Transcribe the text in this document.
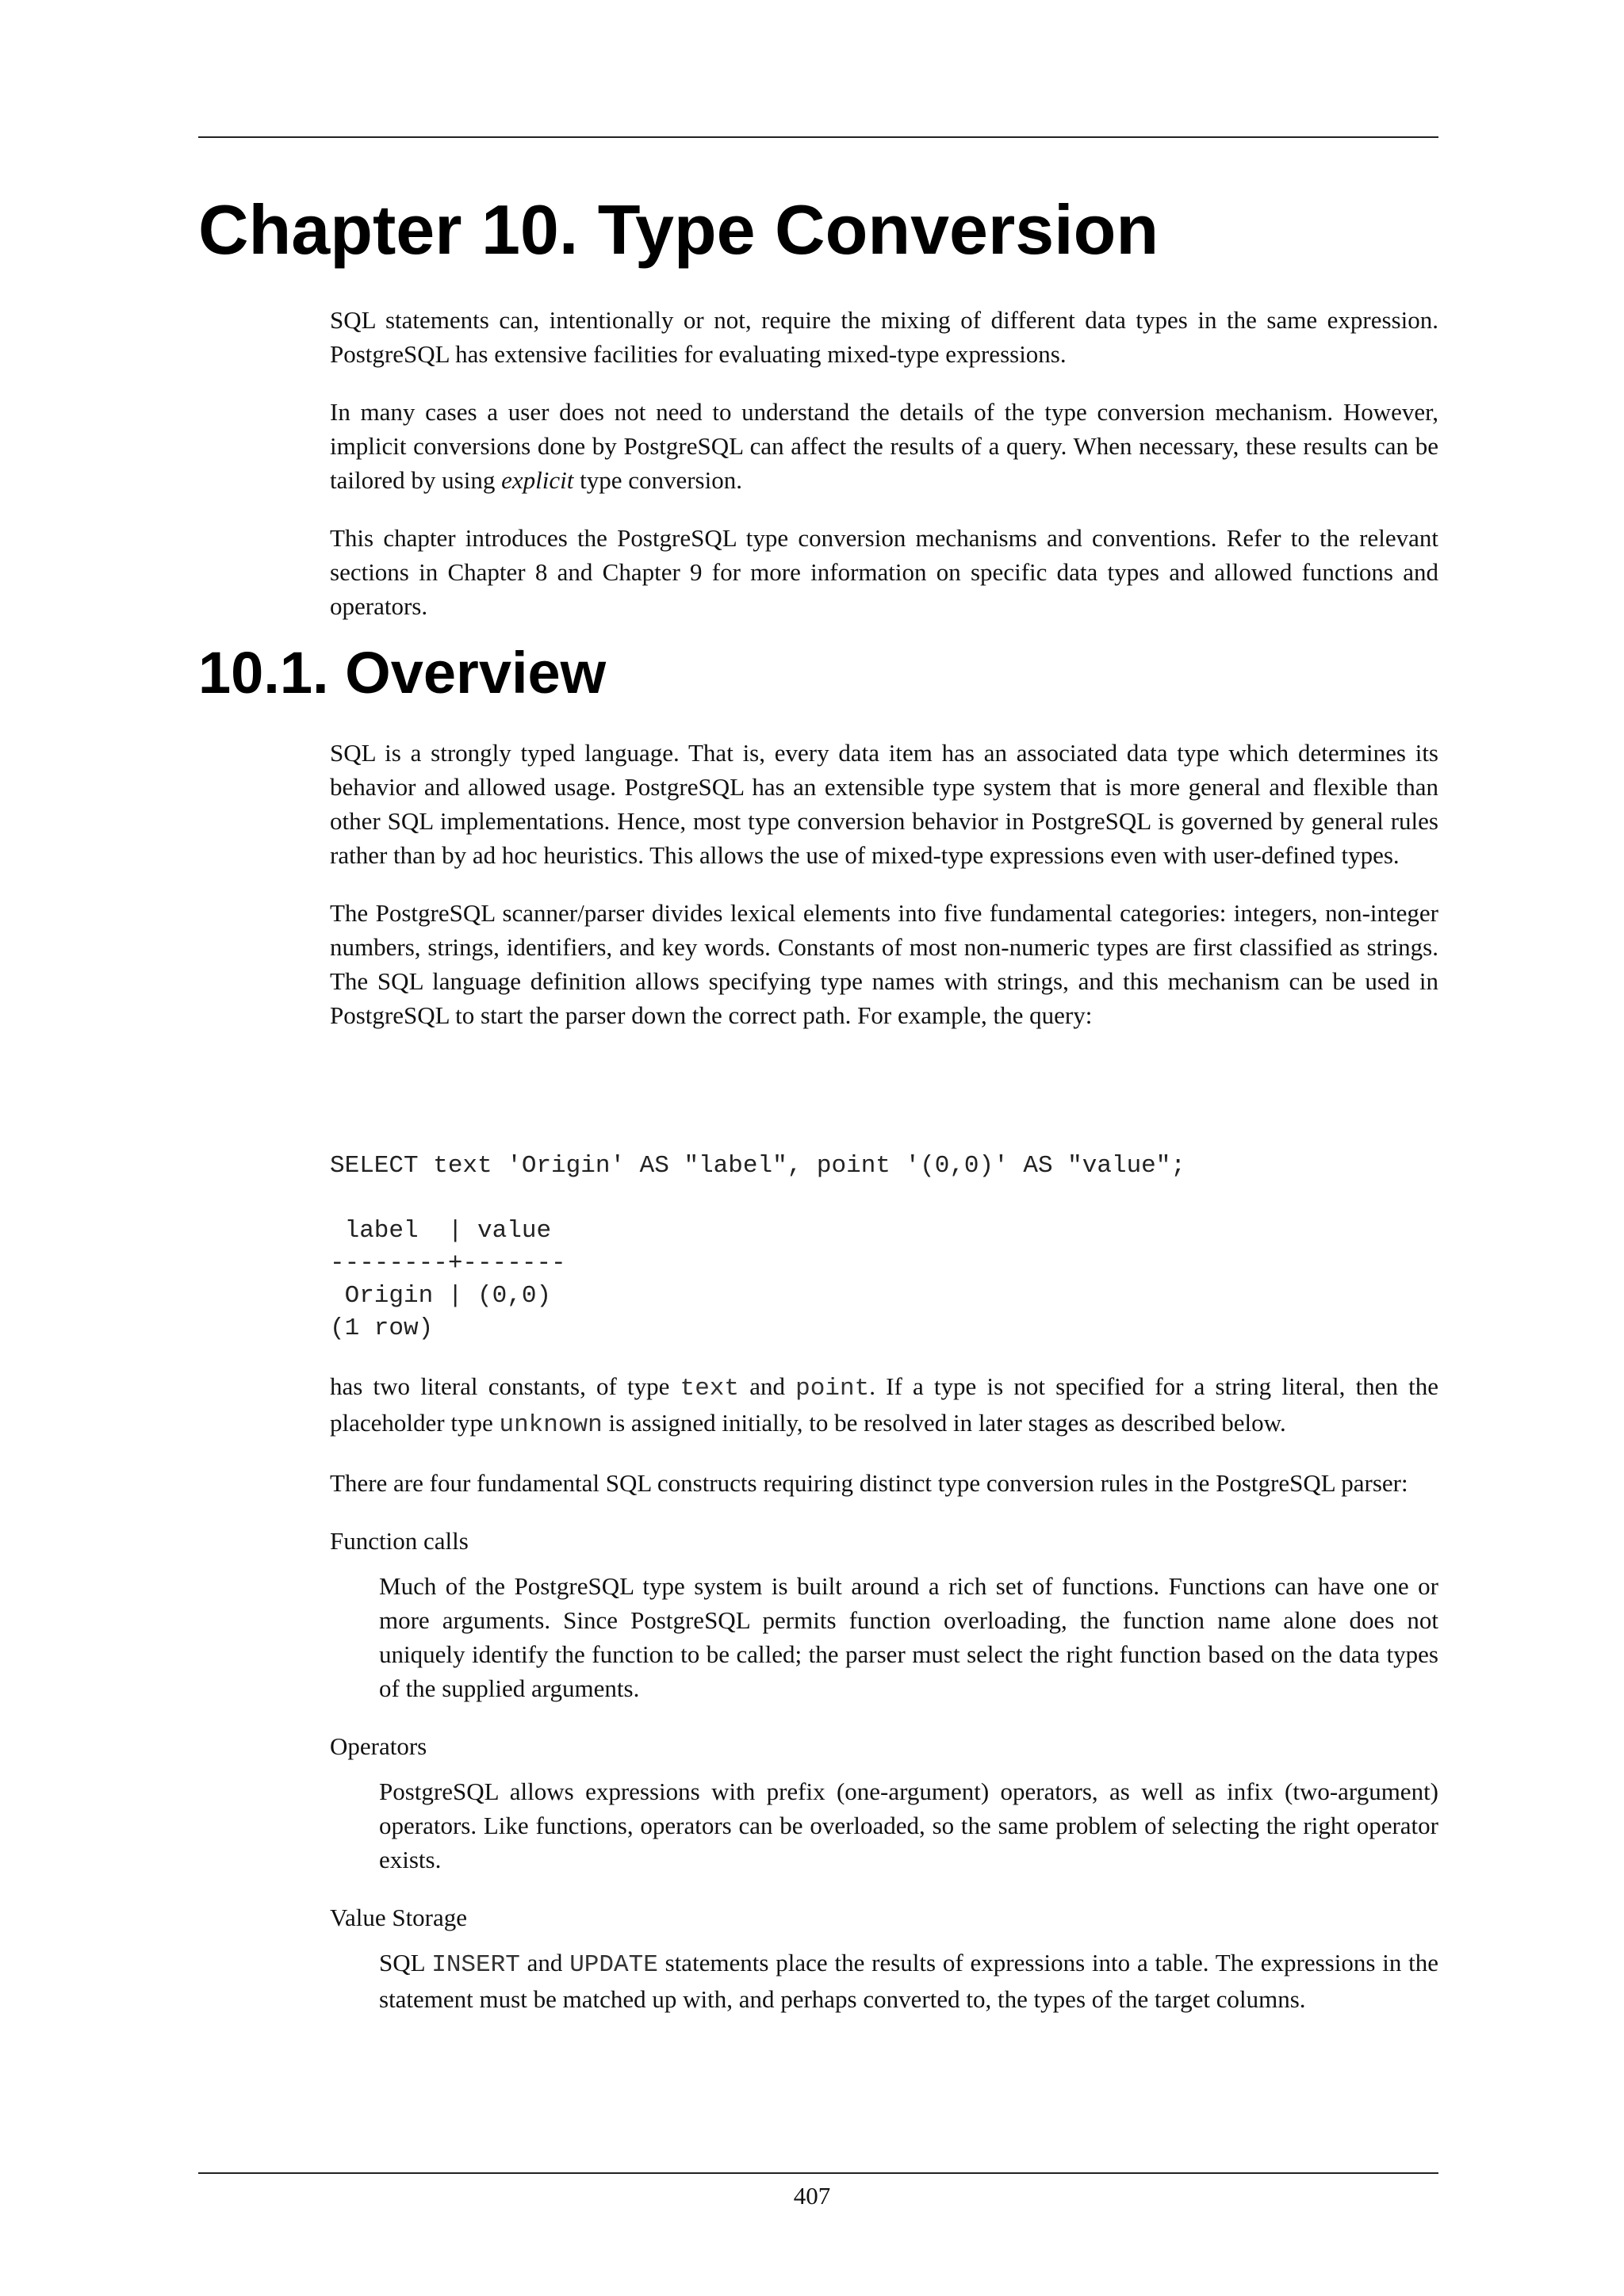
Chapter 10. Type Conversion

SQL statements can, intentionally or not, require the mixing of different data types in the same expression. PostgreSQL has extensive facilities for evaluating mixed-type expressions.

In many cases a user does not need to understand the details of the type conversion mechanism. However, implicit conversions done by PostgreSQL can affect the results of a query. When necessary, these results can be tailored by using explicit type conversion.

This chapter introduces the PostgreSQL type conversion mechanisms and conventions. Refer to the relevant sections in Chapter 8 and Chapter 9 for more information on specific data types and allowed functions and operators.

10.1. Overview

SQL is a strongly typed language. That is, every data item has an associated data type which determines its behavior and allowed usage. PostgreSQL has an extensible type system that is more general and flexible than other SQL implementations. Hence, most type conversion behavior in PostgreSQL is governed by general rules rather than by ad hoc heuristics. This allows the use of mixed-type expressions even with user-defined types.

The PostgreSQL scanner/parser divides lexical elements into five fundamental categories: integers, non-integer numbers, strings, identifiers, and key words. Constants of most non-numeric types are first classified as strings. The SQL language definition allows specifying type names with strings, and this mechanism can be used in PostgreSQL to start the parser down the correct path. For example, the query:

SELECT text 'Origin' AS "label", point '(0,0)' AS "value";

label  | value
--------+-------
Origin | (0,0)
(1 row)

has two literal constants, of type text and point. If a type is not specified for a string literal, then the placeholder type unknown is assigned initially, to be resolved in later stages as described below.

There are four fundamental SQL constructs requiring distinct type conversion rules in the PostgreSQL parser:

Function calls

Much of the PostgreSQL type system is built around a rich set of functions. Functions can have one or more arguments. Since PostgreSQL permits function overloading, the function name alone does not uniquely identify the function to be called; the parser must select the right function based on the data types of the supplied arguments.

Operators

PostgreSQL allows expressions with prefix (one-argument) operators, as well as infix (two-argument) operators. Like functions, operators can be overloaded, so the same problem of selecting the right operator exists.

Value Storage

SQL INSERT and UPDATE statements place the results of expressions into a table. The expressions in the statement must be matched up with, and perhaps converted to, the types of the target columns.

407
